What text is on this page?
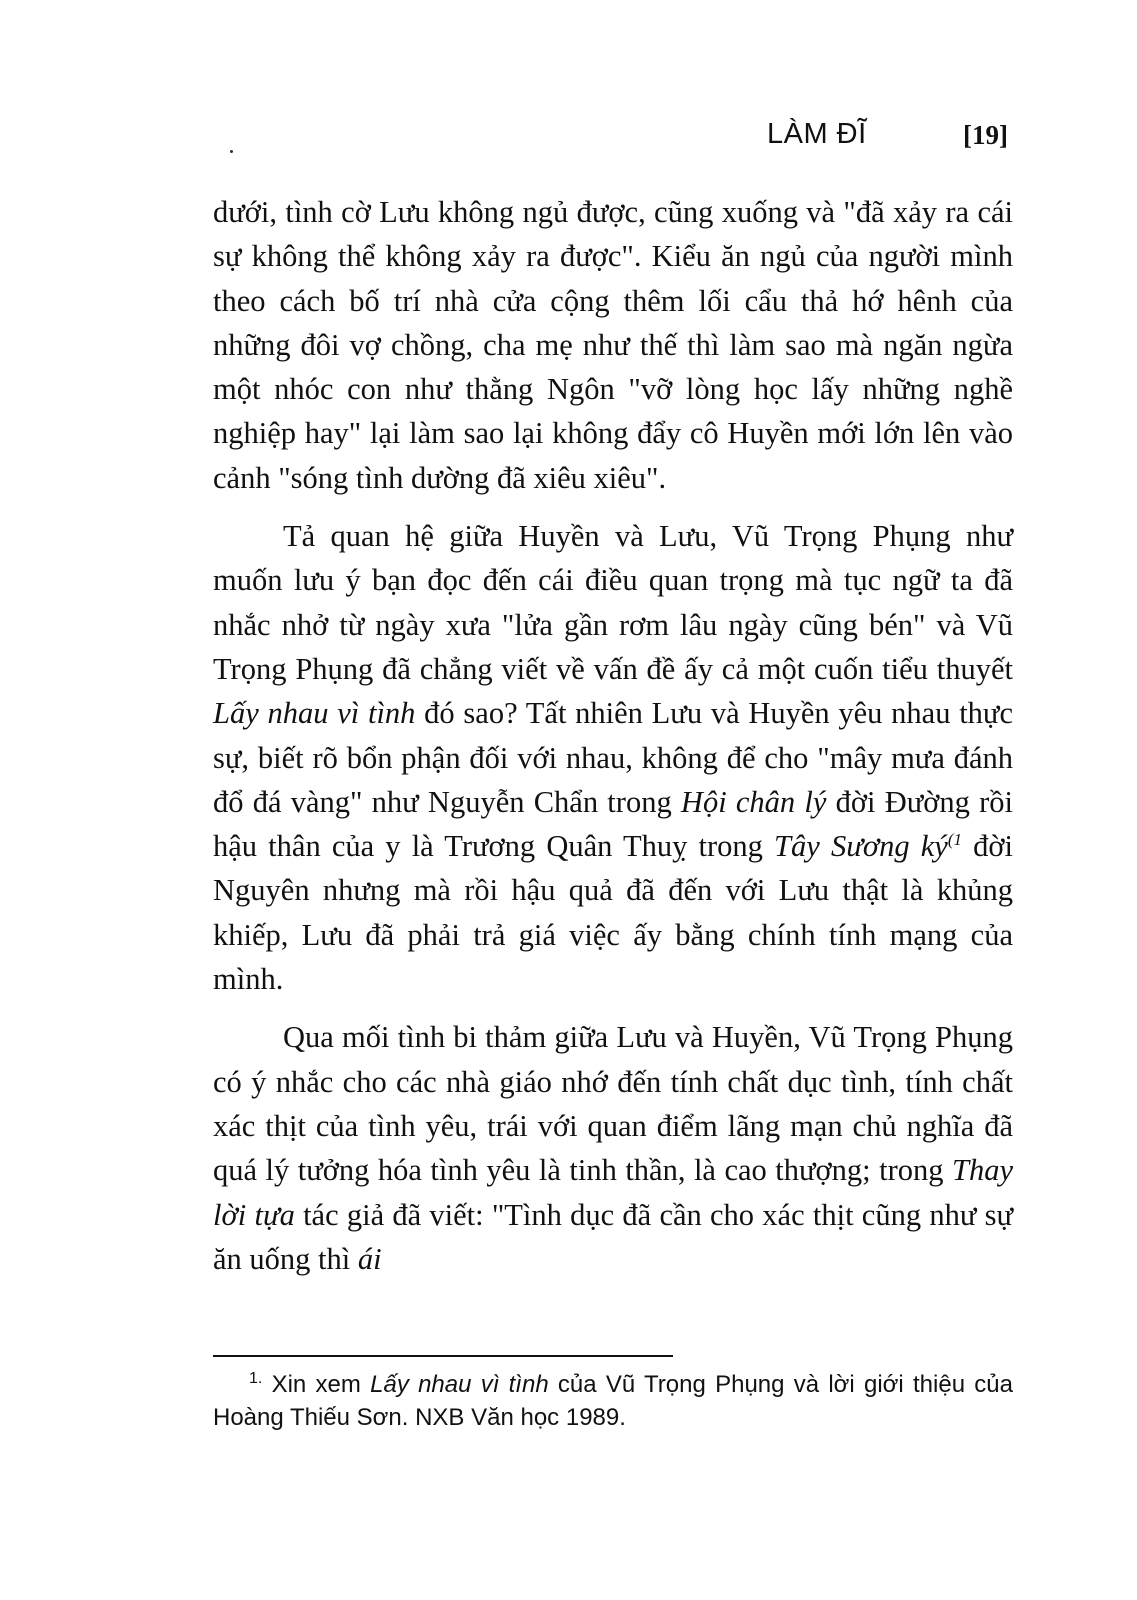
LÀM ĐĨ	[19]

dưới, tình cờ Lưu không ngủ được, cũng xuống và "đã xảy ra cái sự không thể không xảy ra được". Kiểu ăn ngủ của người mình theo cách bố trí nhà cửa cộng thêm lối cẩu thả hớ hênh của những đôi vợ chồng, cha mẹ như thế thì làm sao mà ngăn ngừa một nhóc con như thằng Ngôn "vỡ lòng học lấy những nghề nghiệp hay" lại làm sao lại không đẩy cô Huyền mới lớn lên vào cảnh "sóng tình dường đã xiêu xiêu".

Tả quan hệ giữa Huyền và Lưu, Vũ Trọng Phụng như muốn lưu ý bạn đọc đến cái điều quan trọng mà tục ngữ ta đã nhắc nhở từ ngày xưa "lửa gần rơm lâu ngày cũng bén" và Vũ Trọng Phụng đã chẳng viết về vấn đề ấy cả một cuốn tiểu thuyết Lấy nhau vì tình đó sao? Tất nhiên Lưu và Huyền yêu nhau thực sự, biết rõ bổn phận đối với nhau, không để cho "mây mưa đánh đổ đá vàng" như Nguyễn Chẩn trong Hội chân lý đời Đường rồi hậu thân của y là Trương Quân Thuỵ trong Tây Sương ký$^{(1}$ đời Nguyên nhưng mà rồi hậu quả đã đến với Lưu thật là khủng khiếp, Lưu đã phải trả giá việc ấy bằng chính tính mạng của mình.

Qua mối tình bi thảm giữa Lưu và Huyền, Vũ Trọng Phụng có ý nhắc cho các nhà giáo nhớ đến tính chất dục tình, tính chất xác thịt của tình yêu, trái với quan điểm lãng mạn chủ nghĩa đã quá lý tưởng hóa tình yêu là tinh thần, là cao thượng; trong Thay lời tựa tác giả đã viết: "Tình dục đã cần cho xác thịt cũng như sự ăn uống thì ái

$^{1.}$ Xin xem Lấy nhau vì tình của Vũ Trọng Phụng và lời giới thiệu của Hoàng Thiếu Sơn. NXB Văn học 1989.
